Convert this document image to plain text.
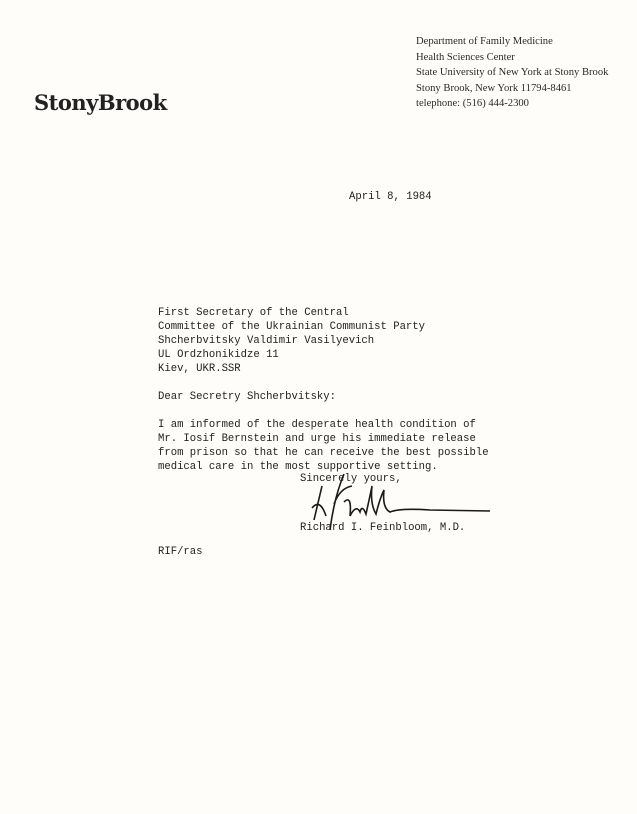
StonyBrook
Department of Family Medicine
Health Sciences Center
State University of New York at Stony Brook
Stony Brook, New York 11794-8461
telephone: (516) 444-2300
April 8, 1984
First Secretary of the Central
Committee of the Ukrainian Communist Party
Shcherbvitsky Valdimir Vasilyevich
UL Ordzhonikidze 11
Kiev, UKR.SSR
Dear Secretry Shcherbvitsky:
I am informed of the desperate health condition of
Mr. Iosif Bernstein and urge his immediate release
from prison so that he can receive the best possible
medical care in the most supportive setting.
Sincerely yours,
Richard I. Feinbloom, M.D.
RIF/ras
